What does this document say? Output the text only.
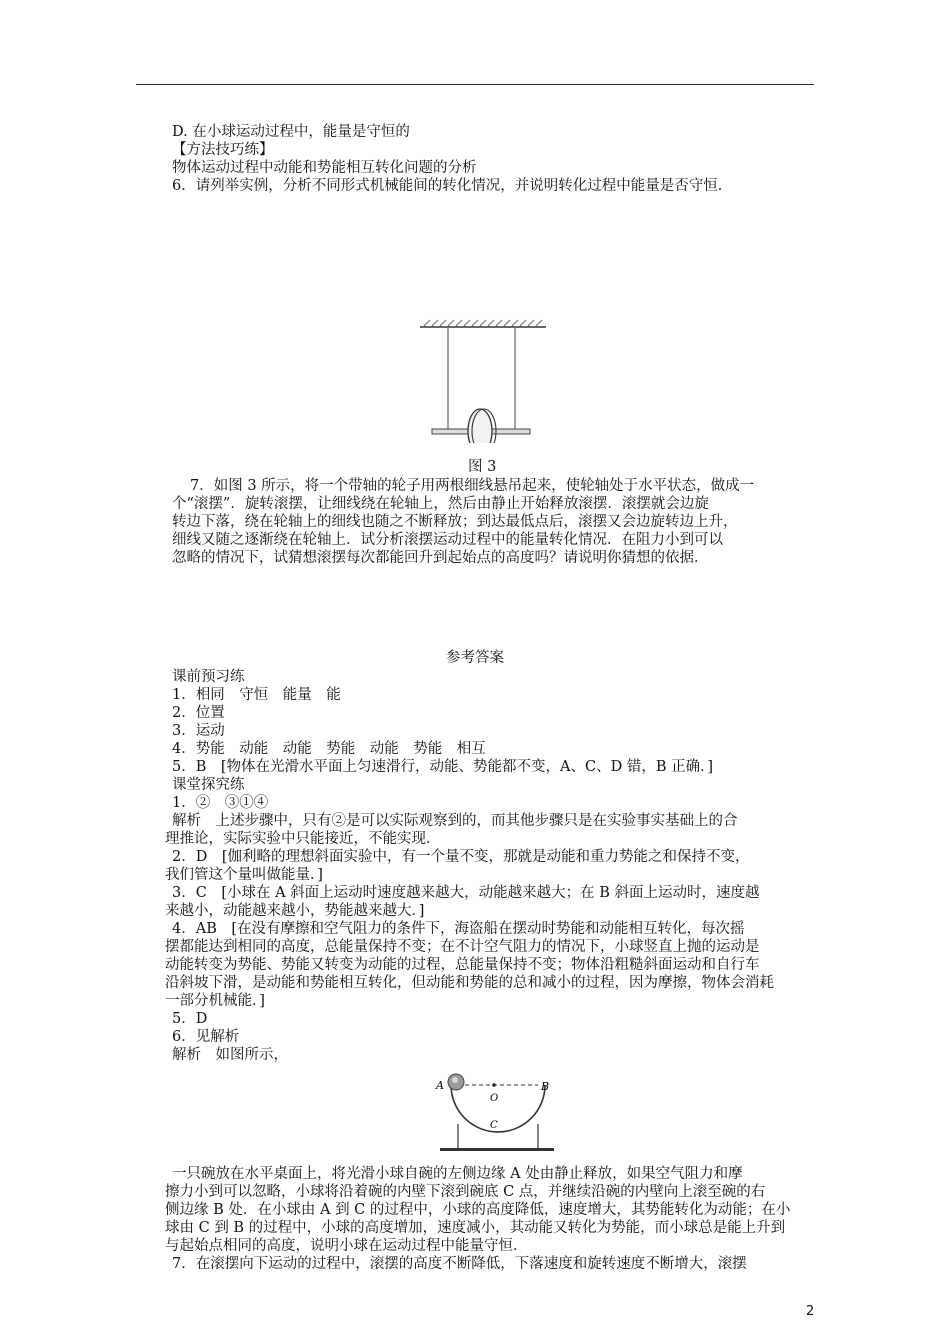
D. 在小球运动过程中，能量是守恒的
【方法技巧练】
物体运动过程中动能和势能相互转化问题的分析
6．请列举实例，分析不同形式机械能间的转化情况，并说明转化过程中能量是否守恒．
图 3
7．如图 3 所示，将一个带轴的轮子用两根细线悬吊起来，使轮轴处于水平状态，做成一
个“滚摆”．旋转滚摆，让细线绕在轮轴上，然后由静止开始释放滚摆．滚摆就会边旋
转边下落，绕在轮轴上的细线也随之不断释放；到达最低点后，滚摆又会边旋转边上升，
细线又随之逐渐绕在轮轴上．试分析滚摆运动过程中的能量转化情况．在阻力小到可以
忽略的情况下，试猜想滚摆每次都能回升到起始点的高度吗？请说明你猜想的依据．
参考答案
课前预习练
1．相同　守恒　能量　能
2．位置
3．运动
4．势能　动能　动能　势能　动能　势能　相互
5．B　[物体在光滑水平面上匀速滑行，动能、势能都不变，A、C、D 错，B 正确．]
课堂探究练
1．②　③①④
解析　上述步骤中，只有②是可以实际观察到的，而其他步骤只是在实验事实基础上的合
理推论，实际实验中只能接近，不能实现．
2．D　[伽利略的理想斜面实验中，有一个量不变，那就是动能和重力势能之和保持不变，
我们管这个量叫做能量．]
3．C　[小球在 A 斜面上运动时速度越来越大，动能越来越大；在 B 斜面上运动时，速度越
来越小，动能越来越小，势能越来越大．]
4．AB　[在没有摩擦和空气阻力的条件下，海盗船在摆动时势能和动能相互转化，每次摇
摆都能达到相同的高度，总能量保持不变；在不计空气阻力的情况下，小球竖直上抛的运动是
动能转变为势能、势能又转变为动能的过程，总能量保持不变；物体沿粗糙斜面运动和自行车
沿斜坡下滑，是动能和势能相互转化，但动能和势能的总和减小的过程，因为摩擦，物体会消耗
一部分机械能．]
5．D
6．见解析
解析　如图所示，
A
O
B
C
一只碗放在水平桌面上，将光滑小球自碗的左侧边缘 A 处由静止释放，如果空气阻力和摩
擦力小到可以忽略，小球将沿着碗的内壁下滚到碗底 C 点，并继续沿碗的内壁向上滚至碗的右
侧边缘 B 处．在小球由 A 到 C 的过程中，小球的高度降低，速度增大，其势能转化为动能；在小
球由 C 到 B 的过程中，小球的高度增加，速度减小，其动能又转化为势能，而小球总是能上升到
与起始点相同的高度，说明小球在运动过程中能量守恒．
7．在滚摆向下运动的过程中，滚摆的高度不断降低，下落速度和旋转速度不断增大，滚摆
2
